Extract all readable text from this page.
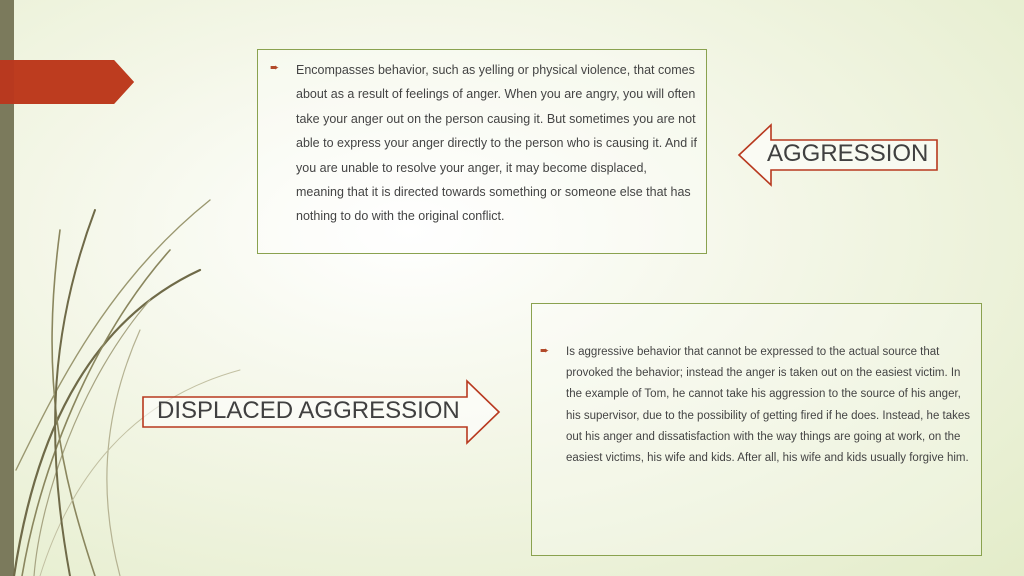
➨	Encompasses behavior, such as yelling or physical violence, that comes about as a result of feelings of anger. When you are angry, you will often take your anger out on the person causing it. But sometimes you are not able to express your anger directly to the person who is causing it. And if you are unable to resolve your anger, it may become displaced, meaning that it is directed towards something or someone else that has nothing to do with the original conflict.
AGGRESSION
➨	Is aggressive behavior that cannot be expressed to the actual source that provoked the behavior; instead the anger is taken out on the easiest victim. In the example of Tom, he cannot take his aggression to the source of his anger, his supervisor, due to the possibility of getting fired if he does. Instead, he takes out his anger and dissatisfaction with the way things are going at work, on the easiest victims, his wife and kids. After all, his wife and kids usually forgive him.
DISPLACED AGGRESSION
